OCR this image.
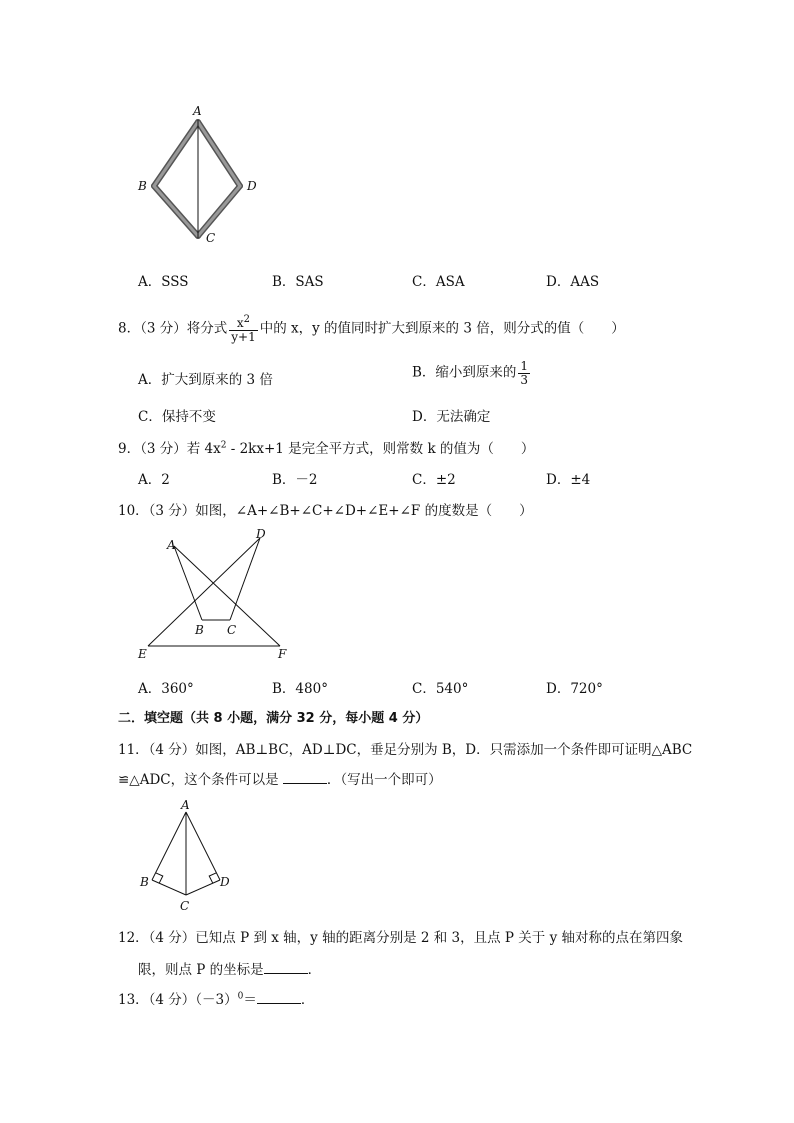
A
B
C
D
A．SSS	B．SAS	C．ASA	D．AAS
8．（3 分）将分式 $\frac{x^2}{y+1}$ 中的 x，y 的值同时扩大到原来的 3 倍，则分式的值（　　）
A．扩大到原来的 3 倍	B．缩小到原来的 $\frac{1}{3}$
C．保持不变	D．无法确定
9．（3 分）若 $4x^2 - 2kx+1$ 是完全平方式，则常数 k 的值为（　　）
A．2	B．－2	C．±2	D．±4
10．（3 分）如图，∠A+∠B+∠C+∠D+∠E+∠F 的度数是（　　）
A
B C
D
E	F
A．360°	B．480°	C．540°	D．720°
二．填空题（共 8 小题，满分 32 分，每小题 4 分）
11．（4 分）如图，AB⊥BC，AD⊥DC，垂足分别为 B，D．只需添加一个条件即可证明△ABC
≌△ADC，这个条件可以是	．（写出一个即可）
A
B
C
D
12．（4 分）已知点 P 到 x 轴，y 轴的距离分别是 2 和 3，且点 P 关于 y 轴对称的点在第四象
限，则点 P 的坐标是	．
13．（4 分）$(-3)^0=$	．
